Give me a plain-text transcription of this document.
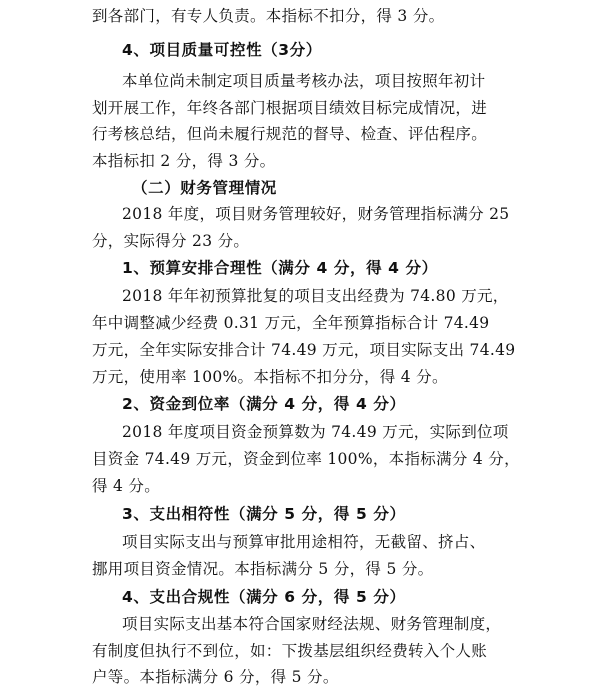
到各部门，有专人负责。本指标不扣分，得 3 分。
4、项目质量可控性（3分）
本单位尚未制定项目质量考核办法，项目按照年初计
划开展工作，年终各部门根据项目绩效目标完成情况，进
行考核总结，但尚未履行规范的督导、检查、评估程序。
本指标扣 2 分，得 3 分。
（二）财务管理情况
2018 年度，项目财务管理较好，财务管理指标满分 25
分，实际得分 23 分。
1、预算安排合理性（满分 4 分，得 4 分）
2018 年年初预算批复的项目支出经费为 74.80 万元，
年中调整减少经费 0.31 万元，全年预算指标合计 74.49
万元，全年实际安排合计 74.49 万元，项目实际支出 74.49
万元，使用率 100%。本指标不扣分分，得 4 分。
2、资金到位率（满分 4 分，得 4 分）
2018 年度项目资金预算数为 74.49 万元，实际到位项
目资金 74.49 万元，资金到位率 100%，本指标满分 4 分，
得 4 分。
3、支出相符性（满分 5 分，得 5 分）
项目实际支出与预算审批用途相符，无截留、挤占、
挪用项目资金情况。本指标满分 5 分，得 5 分。
4、支出合规性（满分 6 分，得 5 分）
项目实际支出基本符合国家财经法规、财务管理制度，
有制度但执行不到位，如：下拨基层组织经费转入个人账
户等。本指标满分 6 分，得 5 分。
